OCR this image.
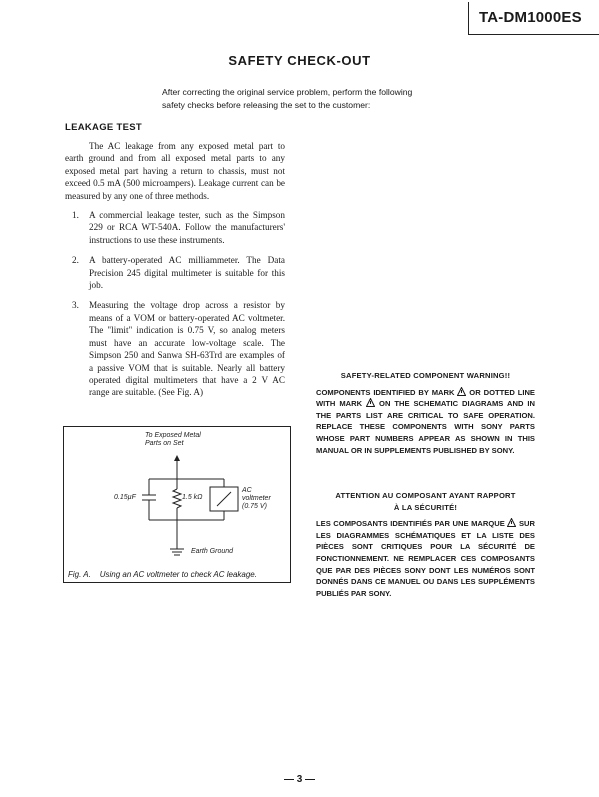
TA-DM1000ES
SAFETY CHECK-OUT
After correcting the original service problem, perform the following
safety checks before releasing the set to the customer:
LEAKAGE TEST

The AC leakage from any exposed metal part to earth ground and from all exposed metal parts to any exposed metal part having a return to chassis, must not exceed 0.5 mA (500 microampers). Leakage current can be measured by any one of three methods.

1. A commercial leakage tester, such as the Simpson 229 or RCA WT-540A. Follow the manufacturers' instructions to use these instruments.
2. A battery-operated AC milliammeter. The Data Precision 245 digital multimeter is suitable for this job.
3. Measuring the voltage drop across a resistor by means of a VOM or battery-operated AC voltmeter. The "limit" indication is 0.75 V, so analog meters must have an accurate low-voltage scale. The Simpson 250 and Sanwa SH-63Trd are examples of a passive VOM that is suitable. Nearly all battery operated digital multimeters that have a 2 V AC range are suitable. (See Fig. A)
To Exposed Metal
Parts on Set
0.15µF	1.5 kΩ
AC
voltmeter
(0.75 V)
Earth Ground
Fig. A. Using an AC voltmeter to check AC leakage.
SAFETY-RELATED COMPONENT WARNING!!

COMPONENTS IDENTIFIED BY MARK OR DOTTED LINE WITH MARK ON THE SCHEMATIC DIAGRAMS AND IN THE PARTS LIST ARE CRITICAL TO SAFE OPERATION. REPLACE THESE COMPONENTS WITH SONY PARTS WHOSE PART NUMBERS APPEAR AS SHOWN IN THIS MANUAL OR IN SUPPLEMENTS PUBLISHED BY SONY.

ATTENTION AU COMPOSANT AYANT RAPPORT
À LA SÉCURITÉ!

LES COMPOSANTS IDENTIFIÉS PAR UNE MARQUE SUR LES DIAGRAMMES SCHÉMATIQUES ET LA LISTE DES PIÈCES SONT CRITIQUES POUR LA SÉCURITÉ DE FONCTIONNEMENT. NE REMPLACER CES COMPOSANTS QUE PAR DES PIÈCES SONY DONT LES NUMÉROS SONT DONNÉS DANS CE MANUEL OU DANS LES SUPPLÉMENTS PUBLIÉS PAR SONY.

— 3 —
